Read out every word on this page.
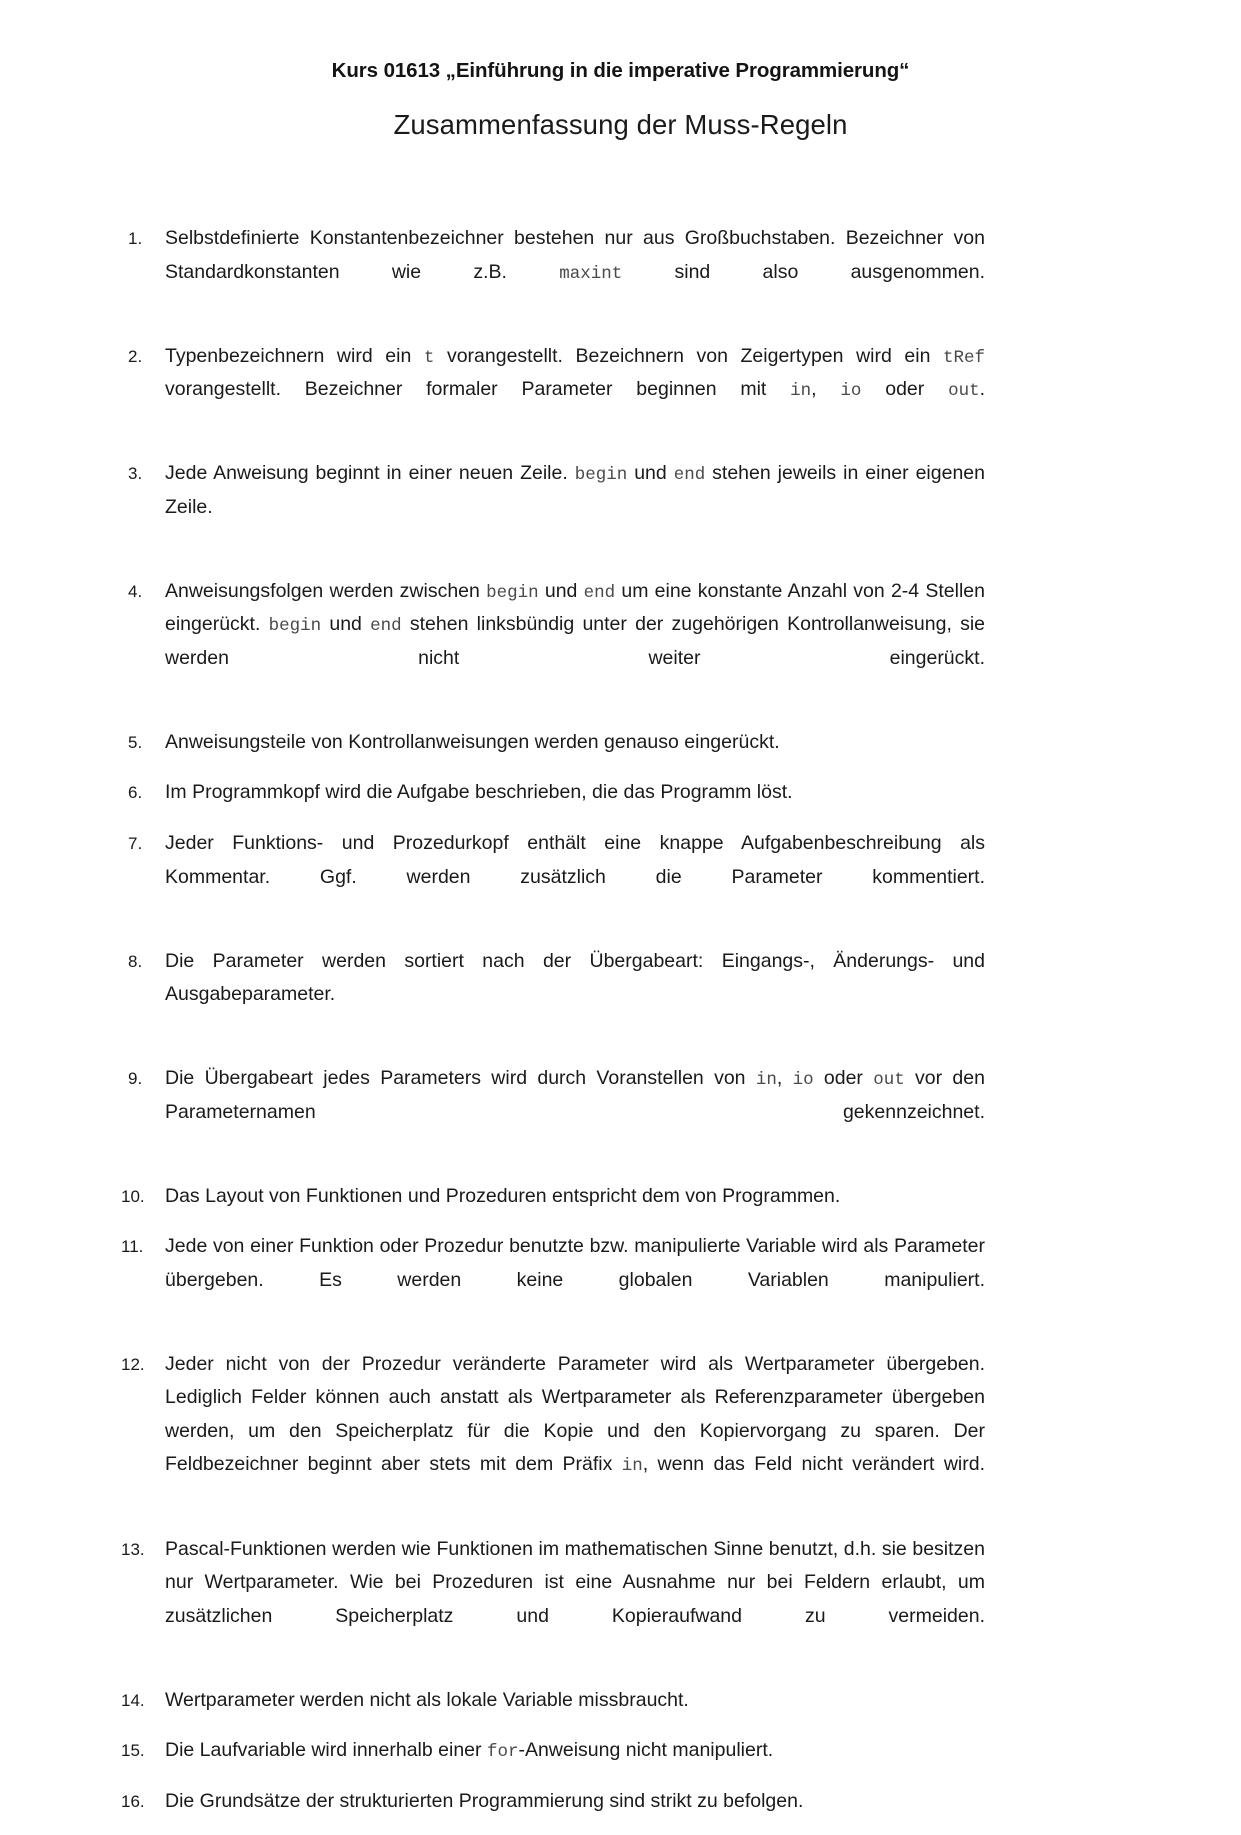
Kurs 01613 „Einführung in die imperative Programmierung“
Zusammenfassung der Muss-Regeln
1.	Selbstdefinierte Konstantenbezeichner bestehen nur aus Großbuchstaben. Bezeichner von Standardkonstanten wie z.B. maxint sind also ausgenommen.
2.	Typenbezeichnern wird ein t vorangestellt. Bezeichnern von Zeigertypen wird ein tRef vorangestellt. Bezeichner formaler Parameter beginnen mit in, io oder out.
3.	Jede Anweisung beginnt in einer neuen Zeile. begin und end stehen jeweils in einer eigenen Zeile.
4.	Anweisungsfolgen werden zwischen begin und end um eine konstante Anzahl von 2-4 Stellen eingerückt. begin und end stehen linksbündig unter der zugehörigen Kontrollanweisung, sie werden nicht weiter eingerückt.
5.	Anweisungsteile von Kontrollanweisungen werden genauso eingerückt.
6.	Im Programmkopf wird die Aufgabe beschrieben, die das Programm löst.
7.	Jeder Funktions- und Prozedurkopf enthält eine knappe Aufgabenbeschreibung als Kommentar. Ggf. werden zusätzlich die Parameter kommentiert.
8.	Die Parameter werden sortiert nach der Übergabeart: Eingangs-, Änderungs- und Ausgabeparameter.
9.	Die Übergabeart jedes Parameters wird durch Voranstellen von in, io oder out vor den Parameternamen gekennzeichnet.
10.	Das Layout von Funktionen und Prozeduren entspricht dem von Programmen.
11.	Jede von einer Funktion oder Prozedur benutzte bzw. manipulierte Variable wird als Parameter übergeben. Es werden keine globalen Variablen manipuliert.
12.	Jeder nicht von der Prozedur veränderte Parameter wird als Wertparameter übergeben. Lediglich Felder können auch anstatt als Wertparameter als Referenzparameter übergeben werden, um den Speicherplatz für die Kopie und den Kopiervorgang zu sparen. Der Feldbezeichner beginnt aber stets mit dem Präfix in, wenn das Feld nicht verändert wird.
13.	Pascal-Funktionen werden wie Funktionen im mathematischen Sinne benutzt, d.h. sie besitzen nur Wertparameter. Wie bei Prozeduren ist eine Ausnahme nur bei Feldern erlaubt, um zusätzlichen Speicherplatz und Kopieraufwand zu vermeiden.
14.	Wertparameter werden nicht als lokale Variable missbraucht.
15.	Die Laufvariable wird innerhalb einer for-Anweisung nicht manipuliert.
16.	Die Grundsätze der strukturierten Programmierung sind strikt zu befolgen.
